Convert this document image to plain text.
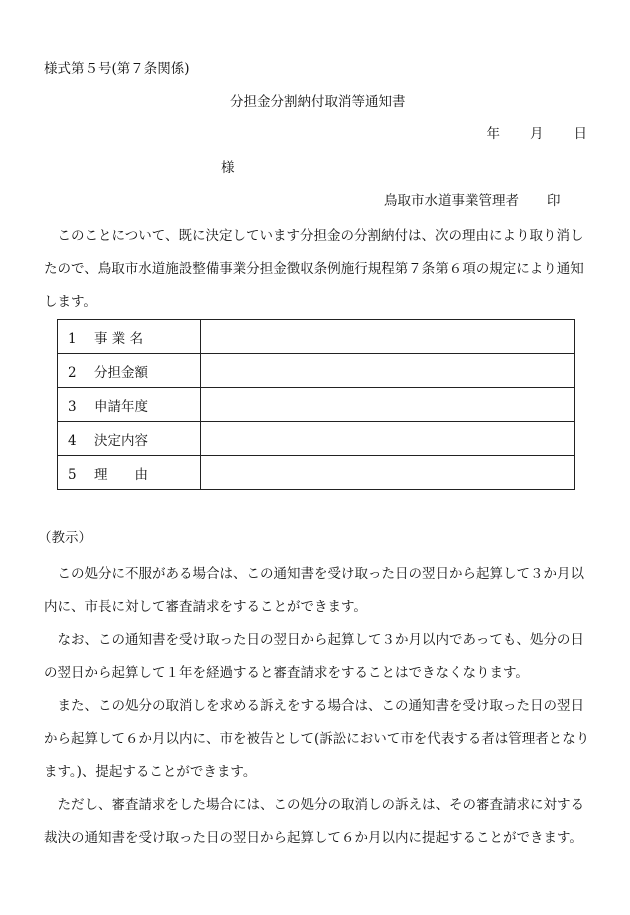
様式第５号(第７条関係)
分担金分割納付取消等通知書
年 月 日
様
鳥取市水道事業管理者 印

　このことについて、既に決定しています分担金の分割納付は、次の理由により取り消し

たので、鳥取市水道施設整備事業分担金徴収条例施行規程第７条第６項の規定により通知

します。

1 事 業 名	
2 分担金額	
3 申請年度	
4 決定内容	
5 理　　由	
（教示）

　この処分に不服がある場合は、この通知書を受け取った日の翌日から起算して３か月以

内に、市長に対して審査請求をすることができます。

　なお、この通知書を受け取った日の翌日から起算して３か月以内であっても、処分の日

の翌日から起算して１年を経過すると審査請求をすることはできなくなります。

　また、この処分の取消しを求める訴えをする場合は、この通知書を受け取った日の翌日

から起算して６か月以内に、市を被告として(訴訟において市を代表する者は管理者となり

ます。)、提起することができます。

　ただし、審査請求をした場合には、この処分の取消しの訴えは、その審査請求に対する

裁決の通知書を受け取った日の翌日から起算して６か月以内に提起することができます。
